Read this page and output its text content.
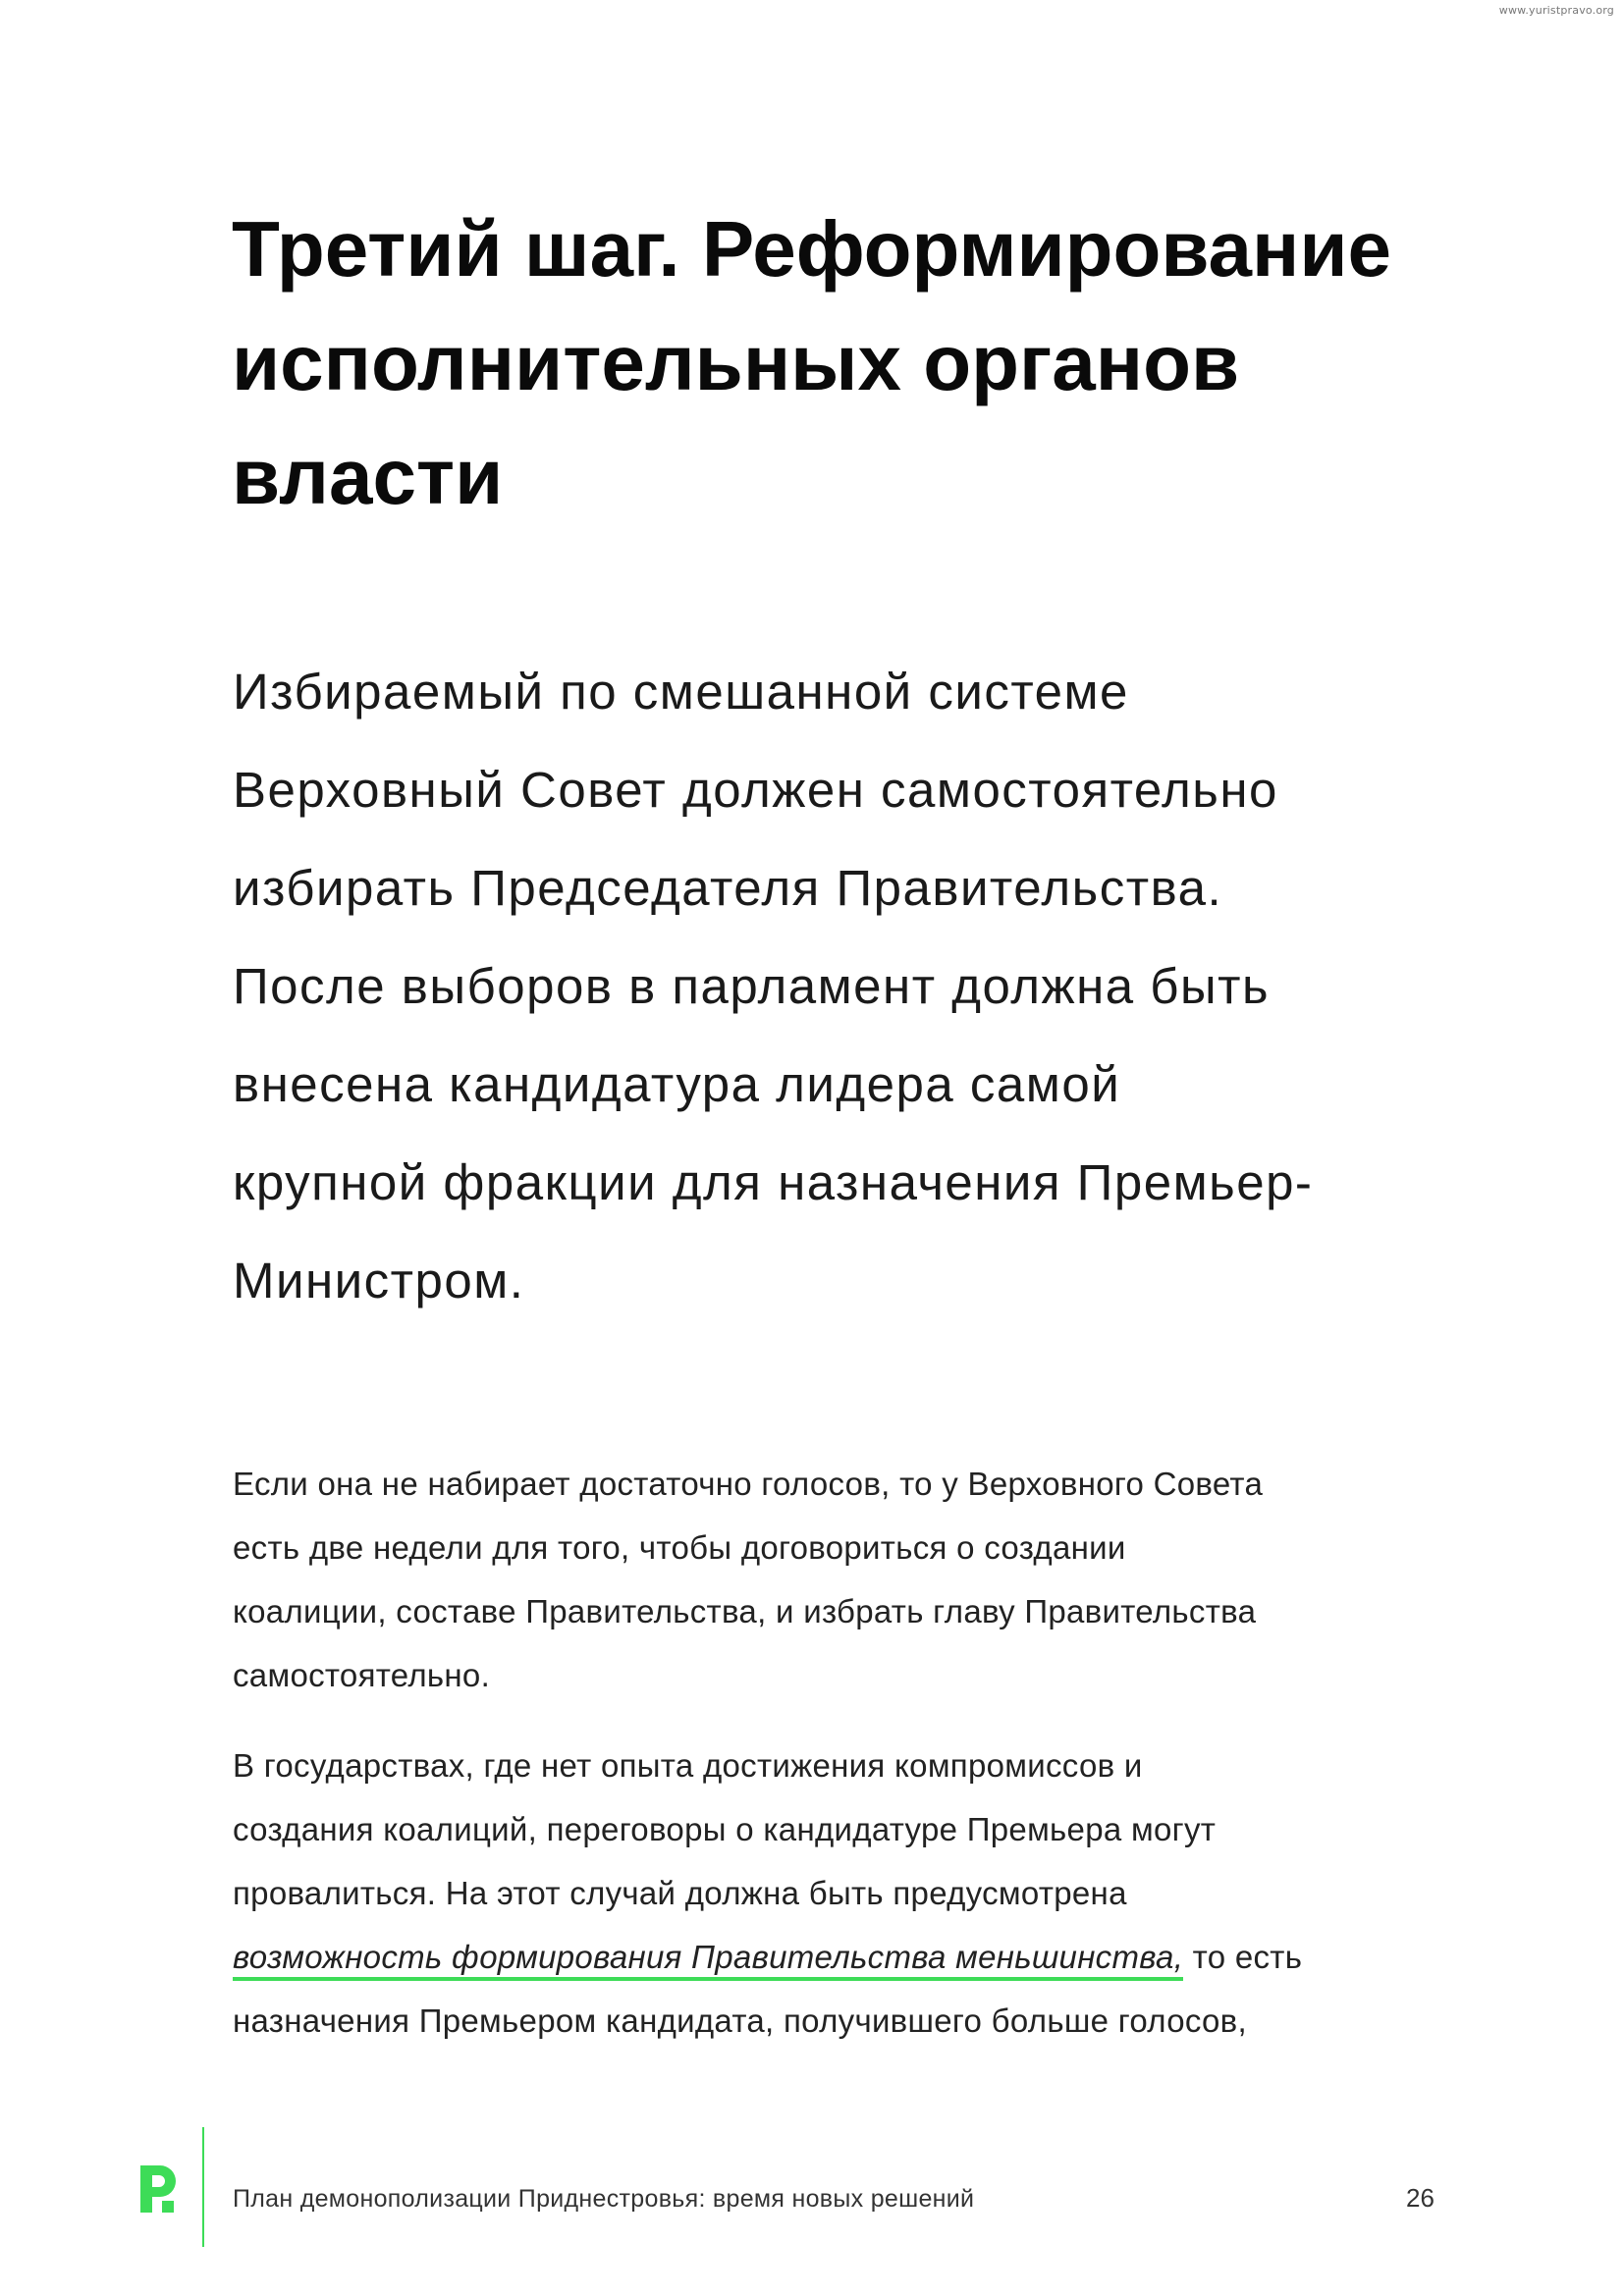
www.yuristpravo.org
Третий шаг. Реформирование
исполнительных органов
власти

Избираемый по смешанной системе
Верховный Совет должен самостоятельно
избирать Председателя Правительства.
После выборов в парламент должна быть
внесена кандидатура лидера самой
крупной фракции для назначения Премьер-
Министром.

Если она не набирает достаточно голосов, то у Верховного Совета
есть две недели для того, чтобы договориться о создании
коалиции, составе Правительства, и избрать главу Правительства
самостоятельно.

В государствах, где нет опыта достижения компромиссов и
создания коалиций, переговоры о кандидатуре Премьера могут
провалиться. На этот случай должна быть предусмотрена
возможность формирования Правительства меньшинства, то есть
назначения Премьером кандидата, получившего больше голосов,

План демонополизации Приднестровья: время новых решений	26
